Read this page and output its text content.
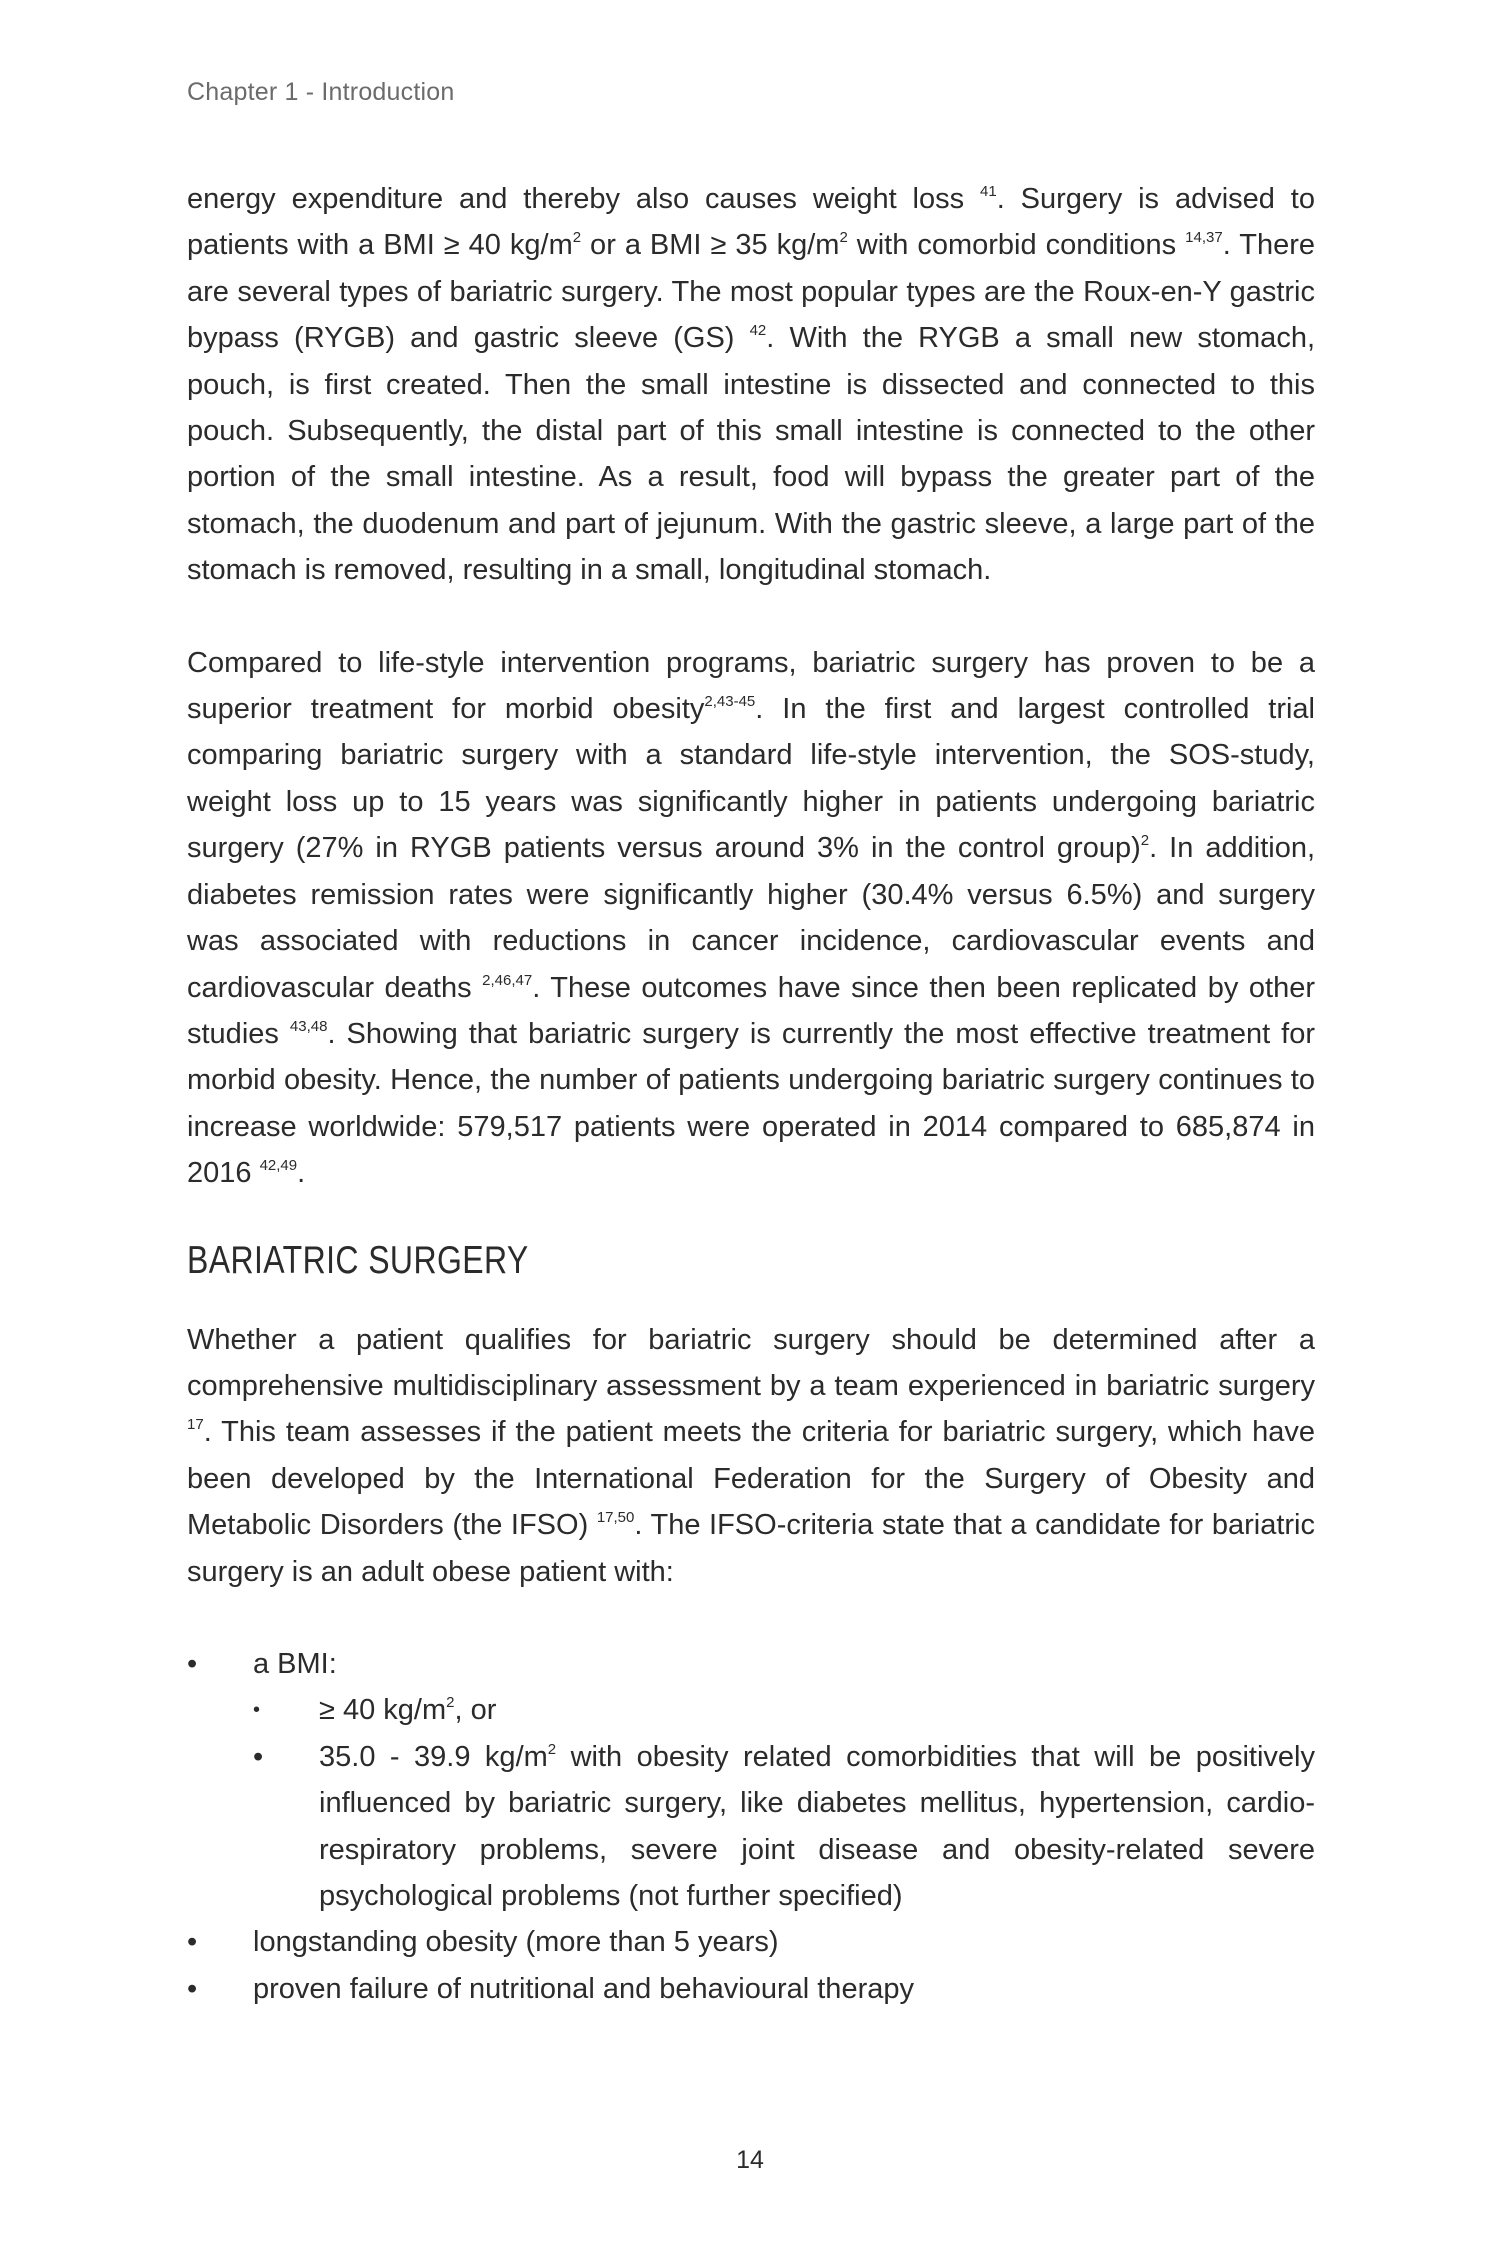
Chapter 1 - Introduction

energy expenditure and thereby also causes weight loss $^{41}$. Surgery is advised to patients with a BMI ≥ 40 $kg/m^2$ or a BMI ≥ 35 $kg/m^2$ with comorbid conditions $^{14,37}$. There are several types of bariatric surgery. The most popular types are the Roux-en-Y gastric bypass (RYGB) and gastric sleeve (GS) $^{42}$. With the RYGB a small new stomach, pouch, is first created. Then the small intestine is dissected and connected to this pouch. Subsequently, the distal part of this small intestine is connected to the other portion of the small intestine. As a result, food will bypass the greater part of the stomach, the duodenum and part of jejunum. With the gastric sleeve, a large part of the stomach is removed, resulting in a small, longitudinal stomach.

Compared to life-style intervention programs, bariatric surgery has proven to be a superior treatment for morbid obesity$^{2,43-45}$. In the first and largest controlled trial comparing bariatric surgery with a standard life-style intervention, the SOS-study, weight loss up to 15 years was significantly higher in patients undergoing bariatric surgery (27% in RYGB patients versus around 3% in the control group)$^2$. In addition, diabetes remission rates were significantly higher (30.4% versus 6.5%) and surgery was associated with reductions in cancer incidence, cardiovascular events and cardiovascular deaths $^{2,46,47}$. These outcomes have since then been replicated by other studies $^{43,48}$. Showing that bariatric surgery is currently the most effective treatment for morbid obesity. Hence, the number of patients undergoing bariatric surgery continues to increase worldwide: 579,517 patients were operated in 2014 compared to 685,874 in 2016 $^{42,49}$.

BARIATRIC SURGERY

Whether a patient qualifies for bariatric surgery should be determined after a comprehensive multidisciplinary assessment by a team experienced in bariatric surgery $^{17}$. This team assesses if the patient meets the criteria for bariatric surgery, which have been developed by the International Federation for the Surgery of Obesity and Metabolic Disorders (the IFSO) $^{17,50}$. The IFSO-criteria state that a candidate for bariatric surgery is an adult obese patient with:

• a BMI:
• ≥ 40 $kg/m^2$, or
• 35.0 - 39.9 $kg/m^2$ with obesity related comorbidities that will be positively influenced by bariatric surgery, like diabetes mellitus, hypertension, cardio-respiratory problems, severe joint disease and obesity-related severe psychological problems (not further specified)
• longstanding obesity (more than 5 years)
• proven failure of nutritional and behavioural therapy
14
